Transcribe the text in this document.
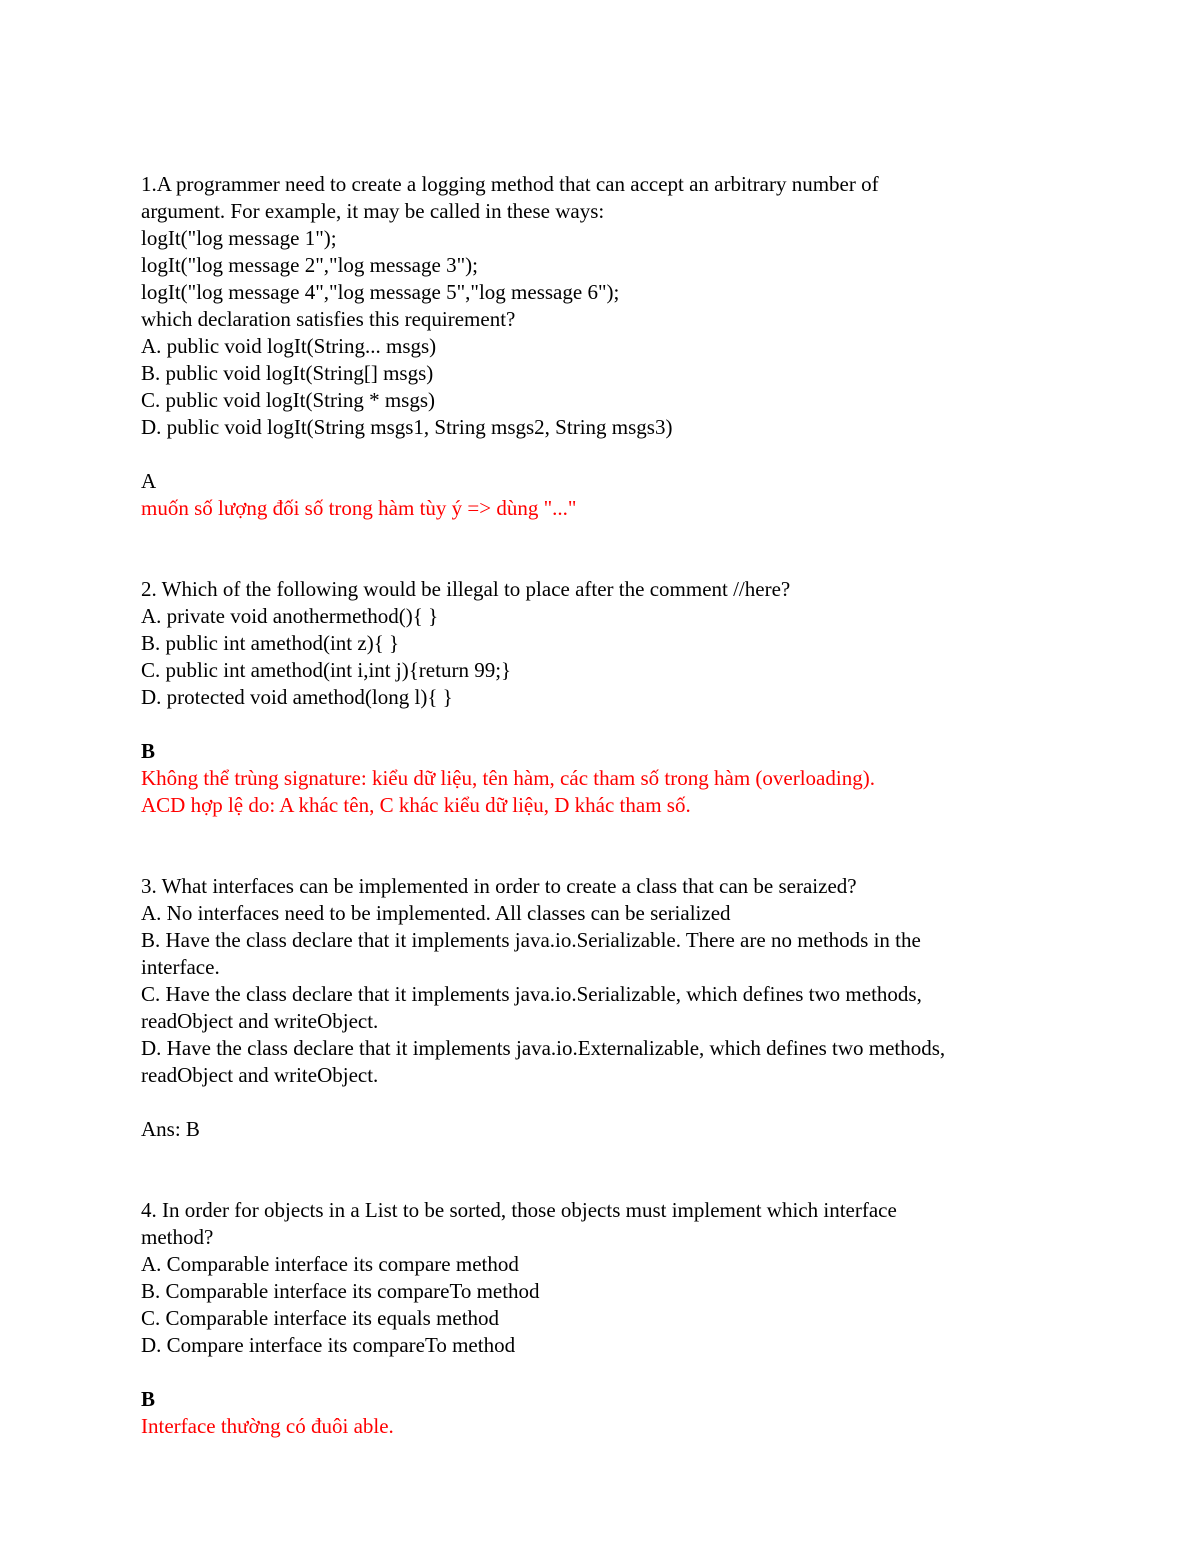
1.A programmer need to create a logging method that can accept an arbitrary number of
argument. For example, it may be called in these ways:
logIt("log message 1");
logIt("log message 2","log message 3");
logIt("log message 4","log message 5","log message 6");
which declaration satisfies this requirement?
A. public void logIt(String... msgs)
B. public void logIt(String[] msgs)
C. public void logIt(String * msgs)
D. public void logIt(String msgs1, String msgs2, String msgs3)
A
muốn số lượng đối số trong hàm tùy ý => dùng "..."
2. Which of the following would be illegal to place after the comment //here?
A. private void anothermethod(){ }
B. public int amethod(int z){ }
C. public int amethod(int i,int j){return 99;}
D. protected void amethod(long l){ }
B
Không thể trùng signature: kiểu dữ liệu, tên hàm, các tham số trong hàm (overloading).
ACD hợp lệ do: A khác tên, C khác kiểu dữ liệu, D khác tham số.
3. What interfaces can be implemented in order to create a class that can be seraized?
A. No interfaces need to be implemented. All classes can be serialized
B. Have the class declare that it implements java.io.Serializable. There are no methods in the
interface.
C. Have the class declare that it implements java.io.Serializable, which defines two methods,
readObject and writeObject.
D. Have the class declare that it implements java.io.Externalizable, which defines two methods,
readObject and writeObject.
Ans: B
4. In order for objects in a List to be sorted, those objects must implement which interface
method?
A. Comparable interface its compare method
B. Comparable interface its compareTo method
C. Comparable interface its equals method
D. Compare interface its compareTo method
B
Interface thường có đuôi able.
